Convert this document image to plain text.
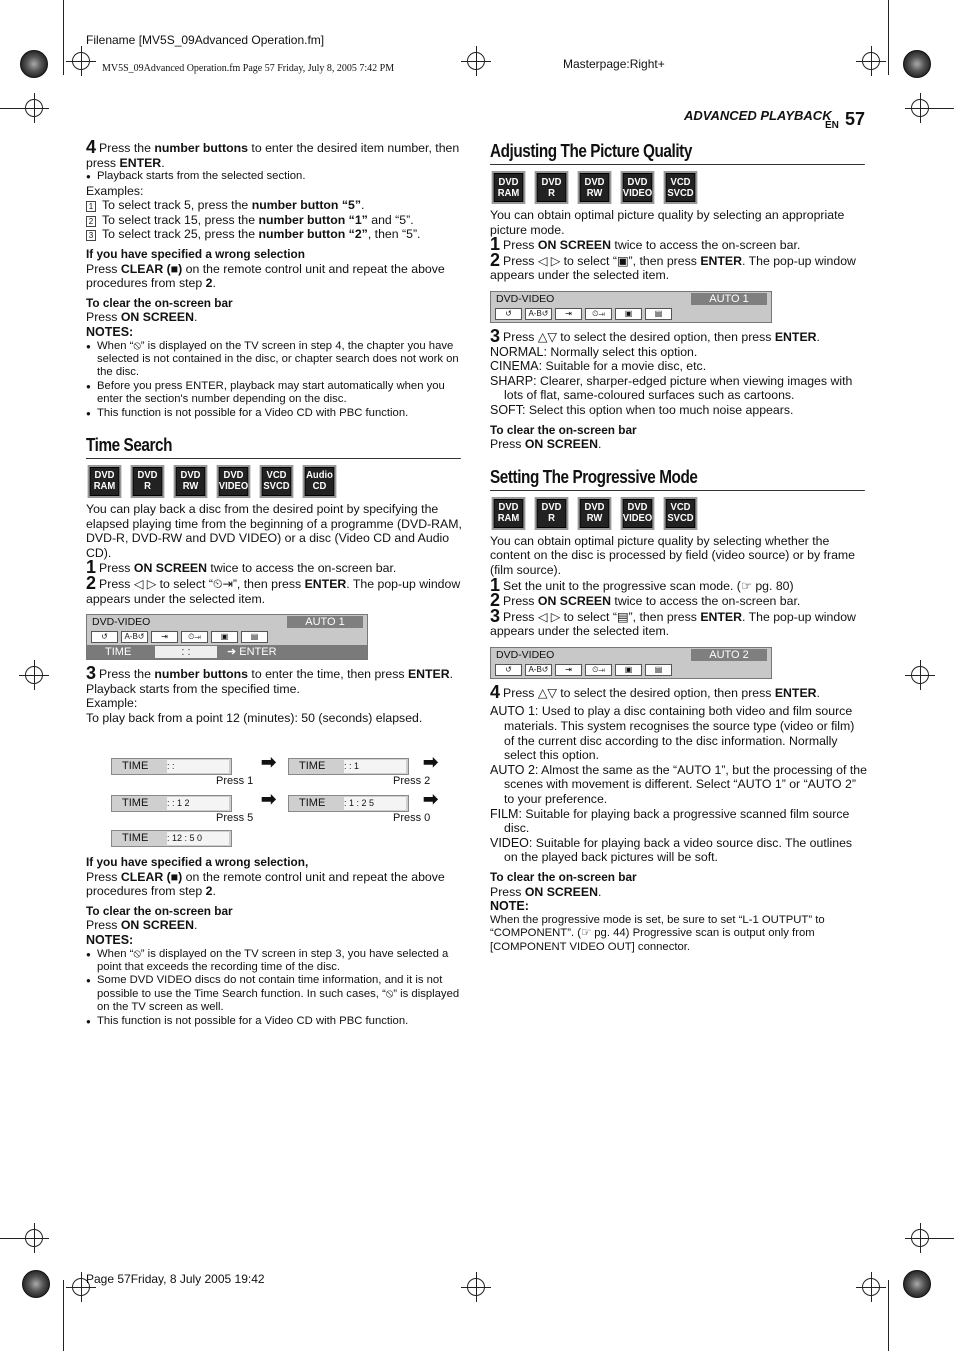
Filename [MV5S_09Advanced Operation.fm]
MV5S_09Advanced Operation.fm Page 57 Friday, July 8, 2005 7:42 PM	Masterpage:Right+
ADVANCED PLAYBACK
EN 57
Page 57Friday, 8 July 2005 19:42

4 Press the number buttons to enter the desired item number, then press ENTER.

● Playback starts from the selected section.

Examples:

1 To select track 5, press the number button “5”.

2 To select track 15, press the number button “1” and “5”.

3 To select track 25, press the number button “2”, then “5”.

If you have specified a wrong selection

Press CLEAR (■) on the remote control unit and repeat the above procedures from step 2.

To clear the on-screen bar

Press ON SCREEN.

NOTES:

● When “⦸” is displayed on the TV screen in step 4, the chapter you have selected is not contained in the disc, or chapter search does not work on the disc.

● Before you press ENTER, playback may start automatically when you enter the section's number depending on the disc.

● This function is not possible for a Video CD with PBC function.

Time Search
DVD
RAM
DVD
R
DVD
RW
DVD
VIDEO
VCD
SVCD
Audio
CD

You can play back a disc from the desired point by specifying the elapsed playing time from the beginning of a programme (DVD-RAM, DVD-R, DVD-RW and DVD VIDEO) or a disc (Video CD and Audio CD).

1 Press ON SCREEN twice to access the on-screen bar.

2 Press ◁ ▷ to select “⏲⇥”, then press ENTER. The pop-up window appears under the selected item.

DVD-VIDEO	AUTO 1
↺	A-B↺	⇥	⏲⇥	▣	▤
TIME	: :	➜ ENTER

3 Press the number buttons to enter the time, then press ENTER. Playback starts from the specified time.

Example:

To play back from a point 12 (minutes): 50 (seconds) elapsed.

TIME : :
Press 1
➡ TIME : : 1
Press 2
➡
TIME : : 1 2
Press 5
➡ TIME : 1 : 2 5
Press 0
➡
TIME : 12 : 5 0

If you have specified a wrong selection,

Press CLEAR (■) on the remote control unit and repeat the above procedures from step 2.

To clear the on-screen bar

Press ON SCREEN.

NOTES:

● When “⦸” is displayed on the TV screen in step 3, you have selected a point that exceeds the recording time of the disc.

● Some DVD VIDEO discs do not contain time information, and it is not possible to use the Time Search function. In such cases, “⦸” is displayed on the TV screen as well.

● This function is not possible for a Video CD with PBC function.

Adjusting The Picture Quality
DVD
RAM
DVD
R
DVD
RW
DVD
VIDEO
VCD
SVCD

You can obtain optimal picture quality by selecting an appropriate picture mode.

1 Press ON SCREEN twice to access the on-screen bar.

2 Press ◁ ▷ to select “▣”, then press ENTER. The pop-up window appears under the selected item.

DVD-VIDEO	AUTO 1
↺	A-B↺	⇥	⏲⇥	▣	▤

3 Press △▽ to select the desired option, then press ENTER.

NORMAL: Normally select this option.

CINEMA: Suitable for a movie disc, etc.

SHARP: Clearer, sharper-edged picture when viewing images with lots of flat, same-coloured surfaces such as cartoons.

SOFT: Select this option when too much noise appears.

To clear the on-screen bar

Press ON SCREEN.

Setting The Progressive Mode
DVD
RAM
DVD
R
DVD
RW
DVD
VIDEO
VCD
SVCD

You can obtain optimal picture quality by selecting whether the content on the disc is processed by field (video source) or by frame (film source).

1 Set the unit to the progressive scan mode. (☞ pg. 80)

2 Press ON SCREEN twice to access the on-screen bar.

3 Press ◁ ▷ to select “▤”, then press ENTER. The pop-up window appears under the selected item.

DVD-VIDEO	AUTO 2
↺	A-B↺	⇥	⏲⇥	▣	▤

4 Press △▽ to select the desired option, then press ENTER.

AUTO 1: Used to play a disc containing both video and film source materials. This system recognises the source type (video or film) of the current disc according to the disc information. Normally select this option.

AUTO 2: Almost the same as the “AUTO 1”, but the processing of the scenes with movement is different. Select “AUTO 1” or “AUTO 2” to your preference.

FILM: Suitable for playing back a progressive scanned film source disc.

VIDEO: Suitable for playing back a video source disc. The outlines on the played back pictures will be soft.

To clear the on-screen bar

Press ON SCREEN.

NOTE:

When the progressive mode is set, be sure to set “L-1 OUTPUT” to “COMPONENT”. (☞ pg. 44) Progressive scan is output only from [COMPONENT VIDEO OUT] connector.
